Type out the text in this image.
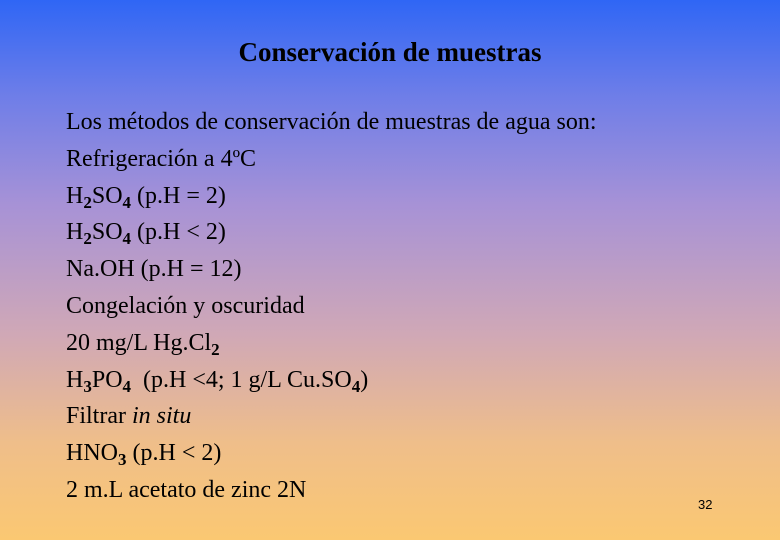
Conservación de muestras
Los métodos de conservación de muestras de agua son:
Refrigeración a 4ºC
$H_2SO_4$ (p.H = 2)
$H_2SO_4$ (p.H < 2)
Na.OH (p.H = 12)
Congelación y oscuridad
20 mg/L $Hg.Cl_2$
$H_3PO_4$  (p.H <4; 1 g/L $Cu.SO_4$)
Filtrar in situ
$HNO_3$ (p.H < 2)
2 m.L acetato de zinc 2N
32
